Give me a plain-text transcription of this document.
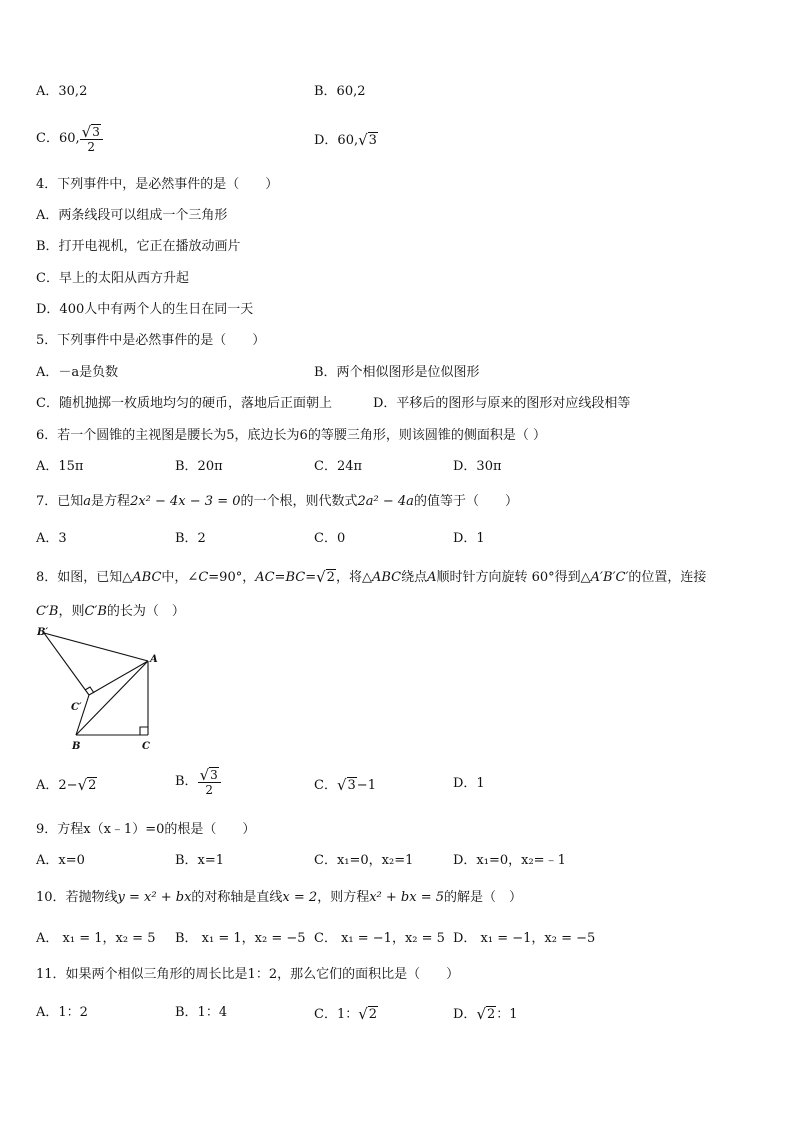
A．30,2	B．60,2
C．60, $\frac{√3}{2}$	D．60,√3
4．下列事件中，是必然事件的是（　　）
A．两条线段可以组成一个三角形
B．打开电视机，它正在播放动画片
C．早上的太阳从西方升起
D．400人中有两个人的生日在同一天
5．下列事件中是必然事件的是（　　）
A．－a是负数	B．两个相似图形是位似图形
C．随机抛掷一枚质地均匀的硬币，落地后正面朝上	D．平移后的图形与原来的图形对应线段相等
6．若一个圆锥的主视图是腰长为5，底边长为6的等腰三角形，则该圆锥的侧面积是（ ）
A．15π	B．20π	C．24π	D．30π
7．已知a是方程2x² − 4x − 3 = 0的一个根，则代数式2a² − 4a的值等于（　　）
A．3	B．2	C．0	D．1
8．如图，已知△ABC中，∠C=90°，AC=BC=√2，将△ABC绕点A顺时针方向旋转 60°得到△A′B′C′的位置，连接
C′B，则C′B的长为（　）
B′
A
C′
B	C
A．2−√2	B． $\frac{√3}{2}$	C．√3−1	D．1
9．方程x（x﹣1）=0的根是（　　）
A．x=0	B．x=1	C．x₁=0，x₂=1	D．x₁=0，x₂=﹣1
10．若抛物线y = x² + bx的对称轴是直线x = 2，则方程x² + bx = 5的解是（　）
A． x₁ = 1，x₂ = 5 B． x₁ = 1，x₂ = −5 C． x₁ = −1，x₂ = 5 D． x₁ = −1，x₂ = −5
11．如果两个相似三角形的周长比是1：2，那么它们的面积比是（　　）
A．1：2	B．1：4	C．1：√2	D．√2：1
